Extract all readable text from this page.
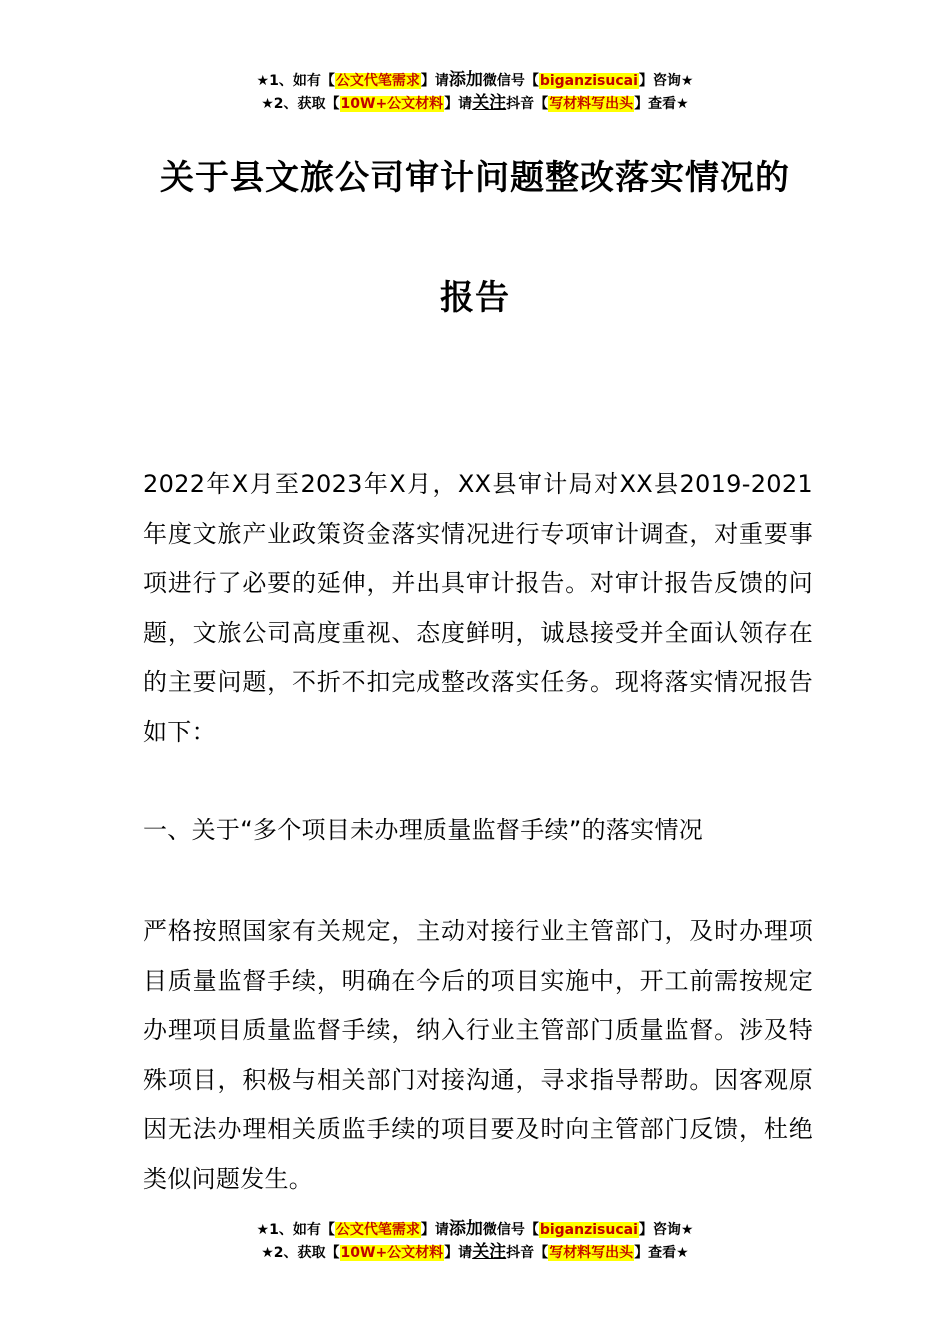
★1、如有【公文代笔需求】请添加微信号【biganzisucai】咨询★
★2、获取【10W+公文材料】请关注抖音【写材料写出头】查看★
关于县文旅公司审计问题整改落实情况的
报告
2022年X月至2023年X月，XX县审计局对XX县2019-2021年度文旅产业政策资金落实情况进行专项审计调查，对重要事项进行了必要的延伸，并出具审计报告。对审计报告反馈的问题，文旅公司高度重视、态度鲜明，诚恳接受并全面认领存在的主要问题，不折不扣完成整改落实任务。现将落实情况报告如下：
一、关于“多个项目未办理质量监督手续”的落实情况
严格按照国家有关规定，主动对接行业主管部门，及时办理项目质量监督手续，明确在今后的项目实施中，开工前需按规定办理项目质量监督手续，纳入行业主管部门质量监督。涉及特殊项目，积极与相关部门对接沟通，寻求指导帮助。因客观原因无法办理相关质监手续的项目要及时向主管部门反馈，杜绝类似问题发生。
★1、如有【公文代笔需求】请添加微信号【biganzisucai】咨询★
★2、获取【10W+公文材料】请关注抖音【写材料写出头】查看★
